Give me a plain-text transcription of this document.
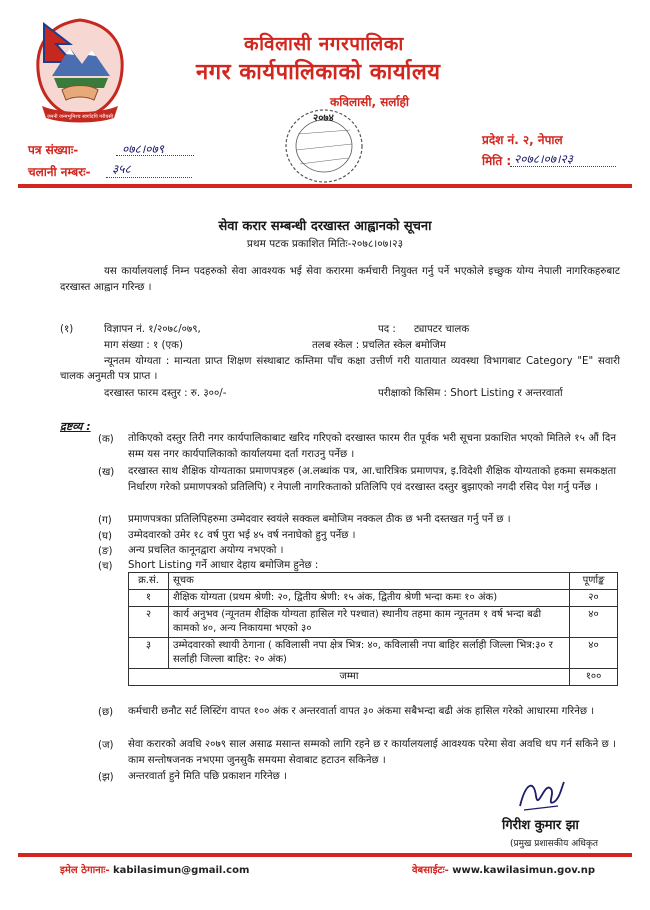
जननी जन्मभूमिश्च स्वर्गादपि गरीयसी
कविलासी नगरपालिका
नगर कार्यपालिकाको कार्यालय
कविलासी, सर्लाही
२०७४
पत्र संख्याः-	०७८।०७९
चलानी नम्बरः- ३५८
प्रदेश नं. २, नेपाल
मिति : २०७८।०७।२३
सेवा करार सम्बन्धी दरखास्त आह्वानको सूचना
प्रथम पटक प्रकाशित मितिः-२०७८।०७।२३
यस कार्यालयलाई निम्न पदहरुको सेवा आवश्यक भई सेवा करारमा कर्मचारी नियुक्त गर्नु पर्ने भएकोले इच्छुक योग्य नेपाली नागरिकहरुबाट दरखास्त आह्वान गरिन्छ ।
(१)	विज्ञापन नं. १/२०७८/०७९,	पद : ट्यापटर चालक
माग संख्या : १ (एक)	तलब स्केल : प्रचलित स्केल बमोजिम
न्यूनतम योग्यता : मान्यता प्राप्त शिक्षण संस्थाबाट कम्तिमा पाँच कक्षा उत्तीर्ण गरी यातायात व्यवस्था विभागबाट Category "E" सवारी चालक अनुमती पत्र प्राप्त ।
दरखास्त फारम दस्तुर : रु. ३००/-	परीक्षाको किसिम : Short Listing र अन्तरवार्ता
द्रष्टव्य :
(क) तोकिएको दस्तुर तिरी नगर कार्यपालिकाबाट खरिद गरिएको दरखास्त फारम रीत पूर्वक भरी सूचना प्रकाशित भएको मितिले १५ औं दिन सम्म यस नगर कार्यपालिकाको कार्यालयमा दर्ता गराउनु पर्नेछ ।
(ख) दरखास्त साथ शैक्षिक योग्यताका प्रमाणपत्रहरु (अ.लब्धांक पत्र, आ.चारित्रिक प्रमाणपत्र, इ.विदेशी शैक्षिक योग्यताको हकमा समकक्षता निर्धारण गरेको प्रमाणपत्रको प्रतिलिपि) र नेपाली नागरिकताको प्रतिलिपि एवं दरखास्त दस्तुर बुझाएको नगदी रसिद पेश गर्नु पर्नेछ ।
(ग) प्रमाणपत्रका प्रतिलिपिहरुमा उम्मेदवार स्वयंले सक्कल बमोजिम नक्कल ठीक छ भनी दस्तखत गर्नु पर्ने छ ।
(घ) उम्मेदवारको उमेर १८ वर्ष पुरा भई ४५ वर्ष ननाघेको हुनु पर्नेछ ।
(ङ) अन्य प्रचलित कानूनद्वारा अयोग्य नभएको ।
(च) Short Listing गर्ने आधार देहाय बमोजिम हुनेछ :
क्र.सं.	सूचक	पूर्णाङ्क
१	शैक्षिक योग्यता (प्रथम श्रेणी: २०, द्वितीय श्रेणी: १५ अंक, द्वितीय श्रेणी भन्दा कमः १० अंक)	२०
२	कार्य अनुभव (न्यूनतम शैक्षिक योग्यता हासिल गरे पश्चात) स्थानीय तहमा काम न्यूनतम १ वर्ष भन्दा बढी कामको ४०, अन्य निकायमा भएको ३०	४०
३	उम्मेदवारको स्थायी ठेगाना ( कविलासी नपा क्षेत्र भित्र: ४०, कविलासी नपा बाहिर सर्लाही जिल्ला भित्र:३० र सर्लाही जिल्ला बाहिर: २० अंक)	४०
जम्मा		१००
(छ) कर्मचारी छनौट सर्ट लिस्टिंग वापत १०० अंक र अन्तरवार्ता वापत ३० अंकमा सबैभन्दा बढी अंक हासिल गरेको आधारमा गरिनेछ ।
(ज) सेवा करारको अवधि २०७९ साल असाढ मसान्त सम्मको लागि रहने छ र कार्यालयलाई आवश्यक परेमा सेवा अवधि थप गर्न सकिने छ । काम सन्तोषजनक नभएमा जुनसुकै समयमा सेवाबाट हटाउन सकिनेछ ।
(झ) अन्तरवार्ता हुने मिति पछि प्रकाशन गरिनेछ ।
गिरीश कुमार झा
(प्रमुख प्रशासकीय अधिकृत
इमेल ठेगानाः- kabilasimun@gmail.com	वेबसाईटः- www.kawilasimun.gov.np
